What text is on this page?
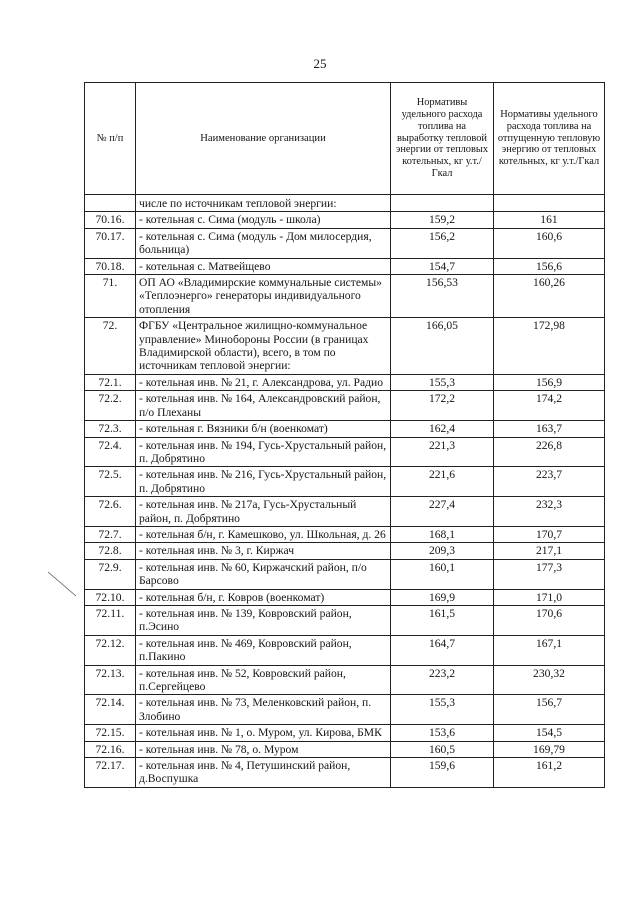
25
№ п/п	Наименование организации	Нормативы удельного расхода топлива на выработку тепловой энергии от тепловых котельных, кг у.т./Гкал	Нормативы удельного расхода топлива на отпущенную тепловую энергию от тепловых котельных, кг у.т./Гкал
	числе по источникам тепловой энергии:		
70.16.	- котельная с. Сима (модуль - школа)	159,2	161
70.17.	- котельная с. Сима (модуль - Дом милосердия, больница)	156,2	160,6
70.18.	- котельная с. Матвейщево	154,7	156,6
71.	ОП АО «Владимирские коммунальные системы» «Теплоэнерго» генераторы индивидуального отопления	156,53	160,26
72.	ФГБУ «Центральное жилищно-коммунальное управление» Минобороны России (в границах Владимирской области), всего, в том по источникам тепловой энергии:	166,05	172,98
72.1.	- котельная инв. № 21, г. Александрова, ул. Радио	155,3	156,9
72.2.	- котельная инв. № 164, Александровский район, п/о Плеханы	172,2	174,2
72.3.	- котельная г. Вязники б/н (военкомат)	162,4	163,7
72.4.	- котельная инв. № 194, Гусь-Хрустальный район, п. Добрятино	221,3	226,8
72.5.	- котельная инв. № 216, Гусь-Хрустальный район, п. Добрятино	221,6	223,7
72.6.	- котельная инв. № 217а, Гусь-Хрустальный район, п. Добрятино	227,4	232,3
72.7.	- котельная б/н, г. Камешково, ул. Школьная, д. 26	168,1	170,7
72.8.	- котельная инв. № 3, г. Киржач	209,3	217,1
72.9.	- котельная инв. № 60, Киржачский район, п/о Барсово	160,1	177,3
72.10.	- котельная б/н, г. Ковров (военкомат)	169,9	171,0
72.11.	- котельная инв. № 139, Ковровский район, п.Эсино	161,5	170,6
72.12.	- котельная инв. № 469, Ковровский район, п.Пакино	164,7	167,1
72.13.	- котельная инв. № 52, Ковровский район, п.Сергейцево	223,2	230,32
72.14.	- котельная инв. № 73, Меленковский район, п. Злобино	155,3	156,7
72.15.	- котельная инв. № 1, о. Муром, ул. Кирова, БМК	153,6	154,5
72.16.	- котельная инв. № 78, о. Муром	160,5	169,79
72.17.	- котельная инв. № 4, Петушинский район, д.Воспушка	159,6	161,2
